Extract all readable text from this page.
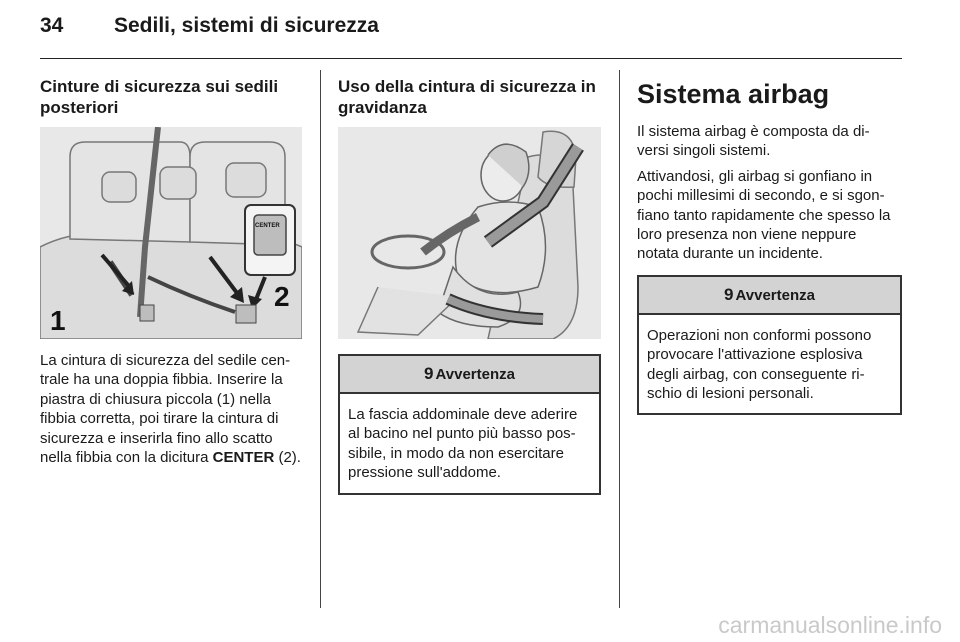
34 Sedili, sistemi di sicurezza

Cinture di sicurezza sui sedili posteriori

CENTER
1
2

La cintura di sicurezza del sedile cen- trale ha una doppia fibbia. Inserire la piastra di chiusura piccola (1) nella fibbia corretta, poi tirare la cintura di sicurezza e inserirla fino allo scatto nella fibbia con la dicitura CENTER (2).

Uso della cintura di sicurezza in gravidanza

9 Avvertenza
La fascia addominale deve aderire al bacino nel punto più basso pos- sibile, in modo da non esercitare pressione sull'addome.

Sistema airbag

Il sistema airbag è composta da di- versi singoli sistemi.

Attivandosi, gli airbag si gonfiano in pochi millesimi di secondo, e si sgon- fiano tanto rapidamente che spesso la loro presenza non viene neppure notata durante un incidente.

9 Avvertenza
Operazioni non conformi possono provocare l'attivazione esplosiva degli airbag, con conseguente ri- schio di lesioni personali.
carmanualsonline.info
